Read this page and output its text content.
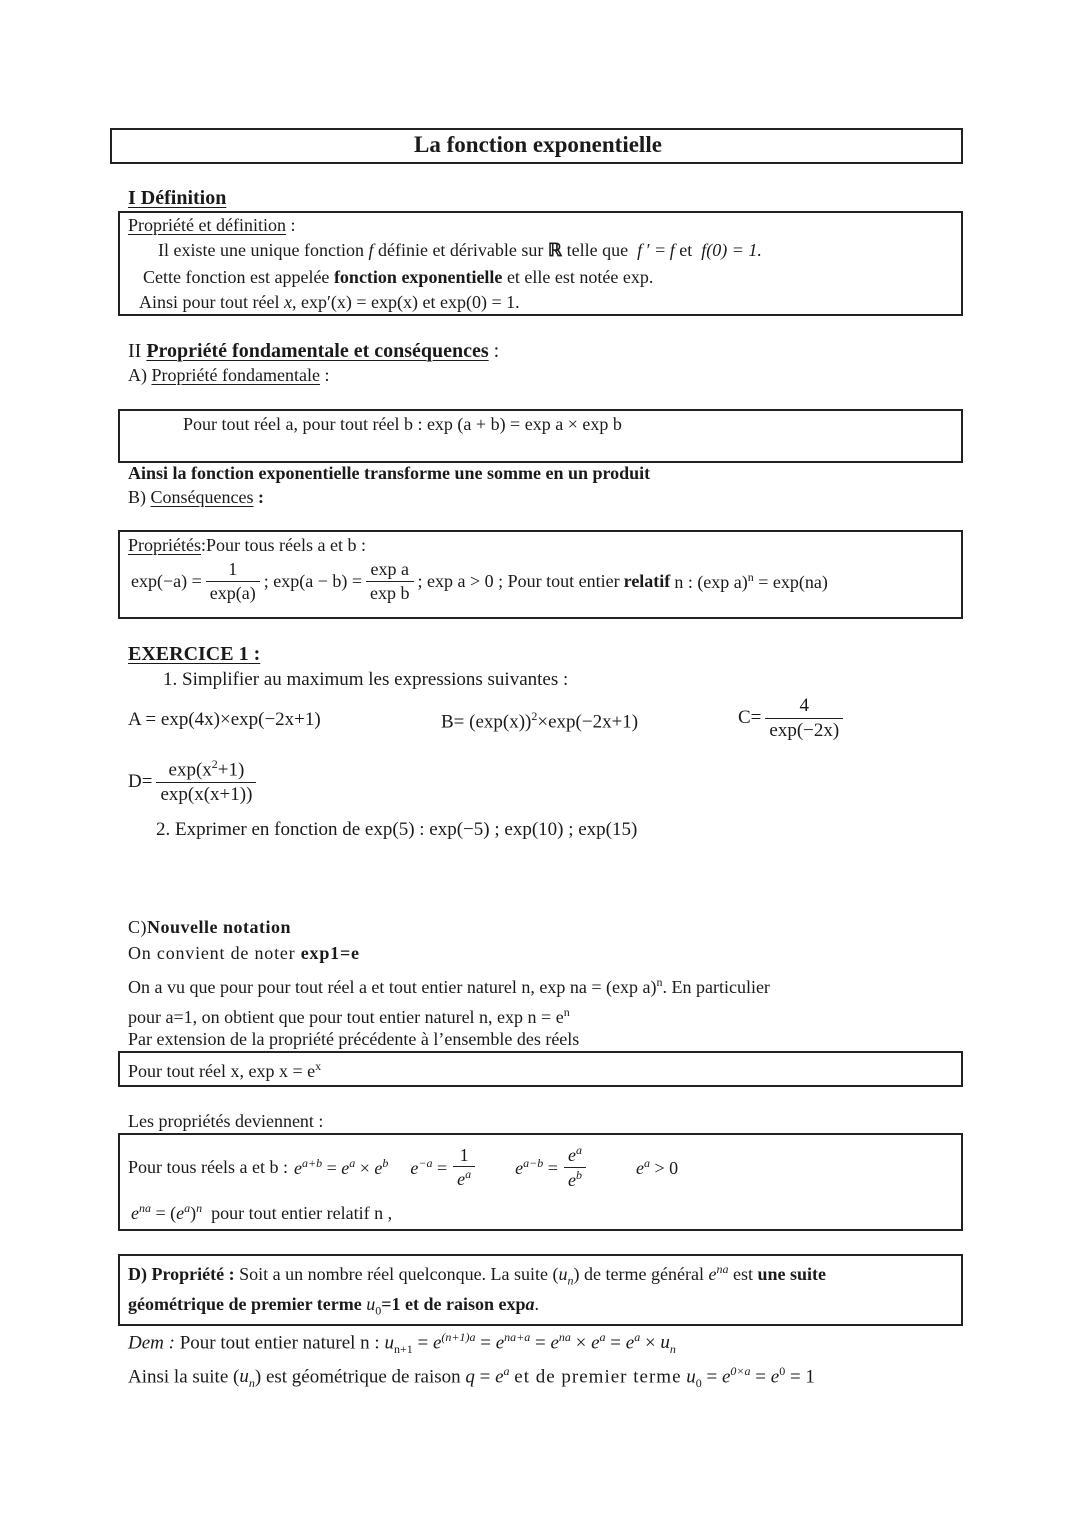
La fonction exponentielle
I Définition
Propriété et définition :
Il existe une unique fonction f définie et dérivable sur ℝ telle que f ′ = f et f(0) = 1.
Cette fonction est appelée fonction exponentielle et elle est notée exp.
Ainsi pour tout réel x, exp′(x) = exp(x) et exp(0) = 1.
II Propriété fondamentale et conséquences :
A) Propriété fondamentale :
Pour tout réel a, pour tout réel b : exp (a + b) = exp a × exp b
Ainsi la fonction exponentielle transforme une somme en un produit
B) Conséquences :
Propriétés:Pour tous réels a et b :
$\exp(-a) = \frac{1}{\exp(a)}$ ; $\exp(a - b) = \frac{\text{exp a}}{\text{exp b}}$ ; exp a > 0 ; Pour tout entier relatif n : (exp a)$^n$ = exp(na)
EXERCICE 1 :
1. Simplifier au maximum les expressions suivantes :
A = exp(4x)×exp(−2x+1)	$B= (\exp(x))^2\times\exp(-2x+1)$	$C= \frac{4}{\exp(-2x)}$
$D= \frac{\exp(x^2+1)}{\exp(x(x+1))}$
2. Exprimer en fonction de exp(5) : exp(−5) ; exp(10) ; exp(15)
C)Nouvelle notation
On convient de noter exp1=e
On a vu que pour pour tout réel a et tout entier naturel n, exp na = (exp a)$^n$. En particulier
pour a=1, on obtient que pour tout entier naturel n, $\exp n = e^n$
Par extension de la propriété précédente à l’ensemble des réels
Pour tout réel x, $\exp x = e^x$
Les propriétés deviennent :
Pour tous réels a et b : $e^{a+b} = e^a \times e^b$ $e^{-a} = \frac{1}{e^a} e^{a-b} = \frac{e^a}{e^b}$	$e^a > 0$
$e^{na} = (e^a)^n$ pour tout entier relatif n ,
D) Propriété : Soit a un nombre réel quelconque. La suite $(u_n)$ de terme général $e^{na}$ est une suite
géométrique de premier terme $u_0=1$ et de raison expa.
Dem : Pour tout entier naturel n : $u_{n+1} = e^{(n+1)a} = e^{na+a} = e^{na} \times e^a = e^a \times u_n$
Ainsi la suite $(u_n)$ est géométrique de raison $q = e^a$ et de premier terme $u_0 = e^{0\times a} = e^0 = 1$
